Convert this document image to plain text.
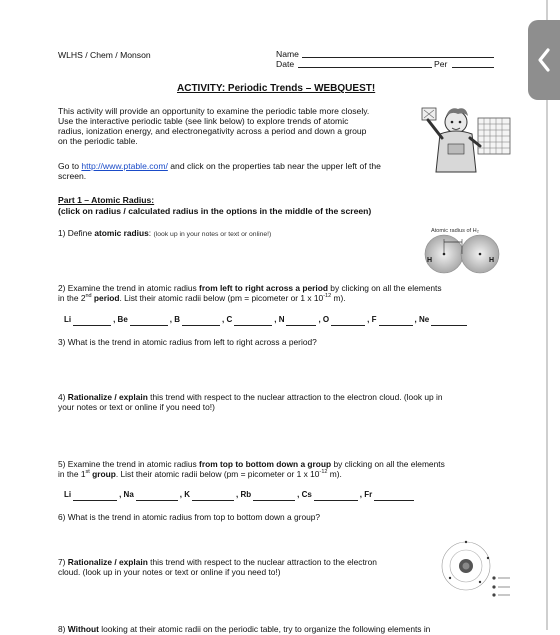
WLHS / Chem / Monson	Name
Date	Per
ACTIVITY: Periodic Trends – WEBQUEST!
This activity will provide an opportunity to examine the periodic table more closely.
Use the interactive periodic table (see link below) to explore trends of atomic
radius, ionization energy, and electronegativity across a period and down a group
on the periodic table.
Go to http://www.ptable.com/ and click on the properties tab near the upper left of the
screen.
Part 1 – Atomic Radius:
(click on radius / calculated radius in the options in the middle of the screen)
1) Define atomic radius: (look up in your notes or text or online!)	Atomic radius of H₂
H	H
2) Examine the trend in atomic radius from left to right across a period by clicking on all the elements
in the 2nd period. List their atomic radii below (pm = picometer or 1 x $10^{-12}$ m).
Li	, Be	, B	, C	, N	, O	, F	, Ne
3) What is the trend in atomic radius from left to right across a period?
4) Rationalize / explain this trend with respect to the nuclear attraction to the electron cloud. (look up in
your notes or text or online if you need to!)
5) Examine the trend in atomic radius from top to bottom down a group by clicking on all the elements
in the 1st group. List their atomic radii below (pm = picometer or 1 x $10^{-12}$ m).
Li	, Na	, K	, Rb	, Cs	, Fr
6) What is the trend in atomic radius from top to bottom down a group?
7) Rationalize / explain this trend with respect to the nuclear attraction to the electron
cloud. (look up in your notes or text or online if you need to!)
8) Without looking at their atomic radii on the periodic table, try to organize the following elements in
